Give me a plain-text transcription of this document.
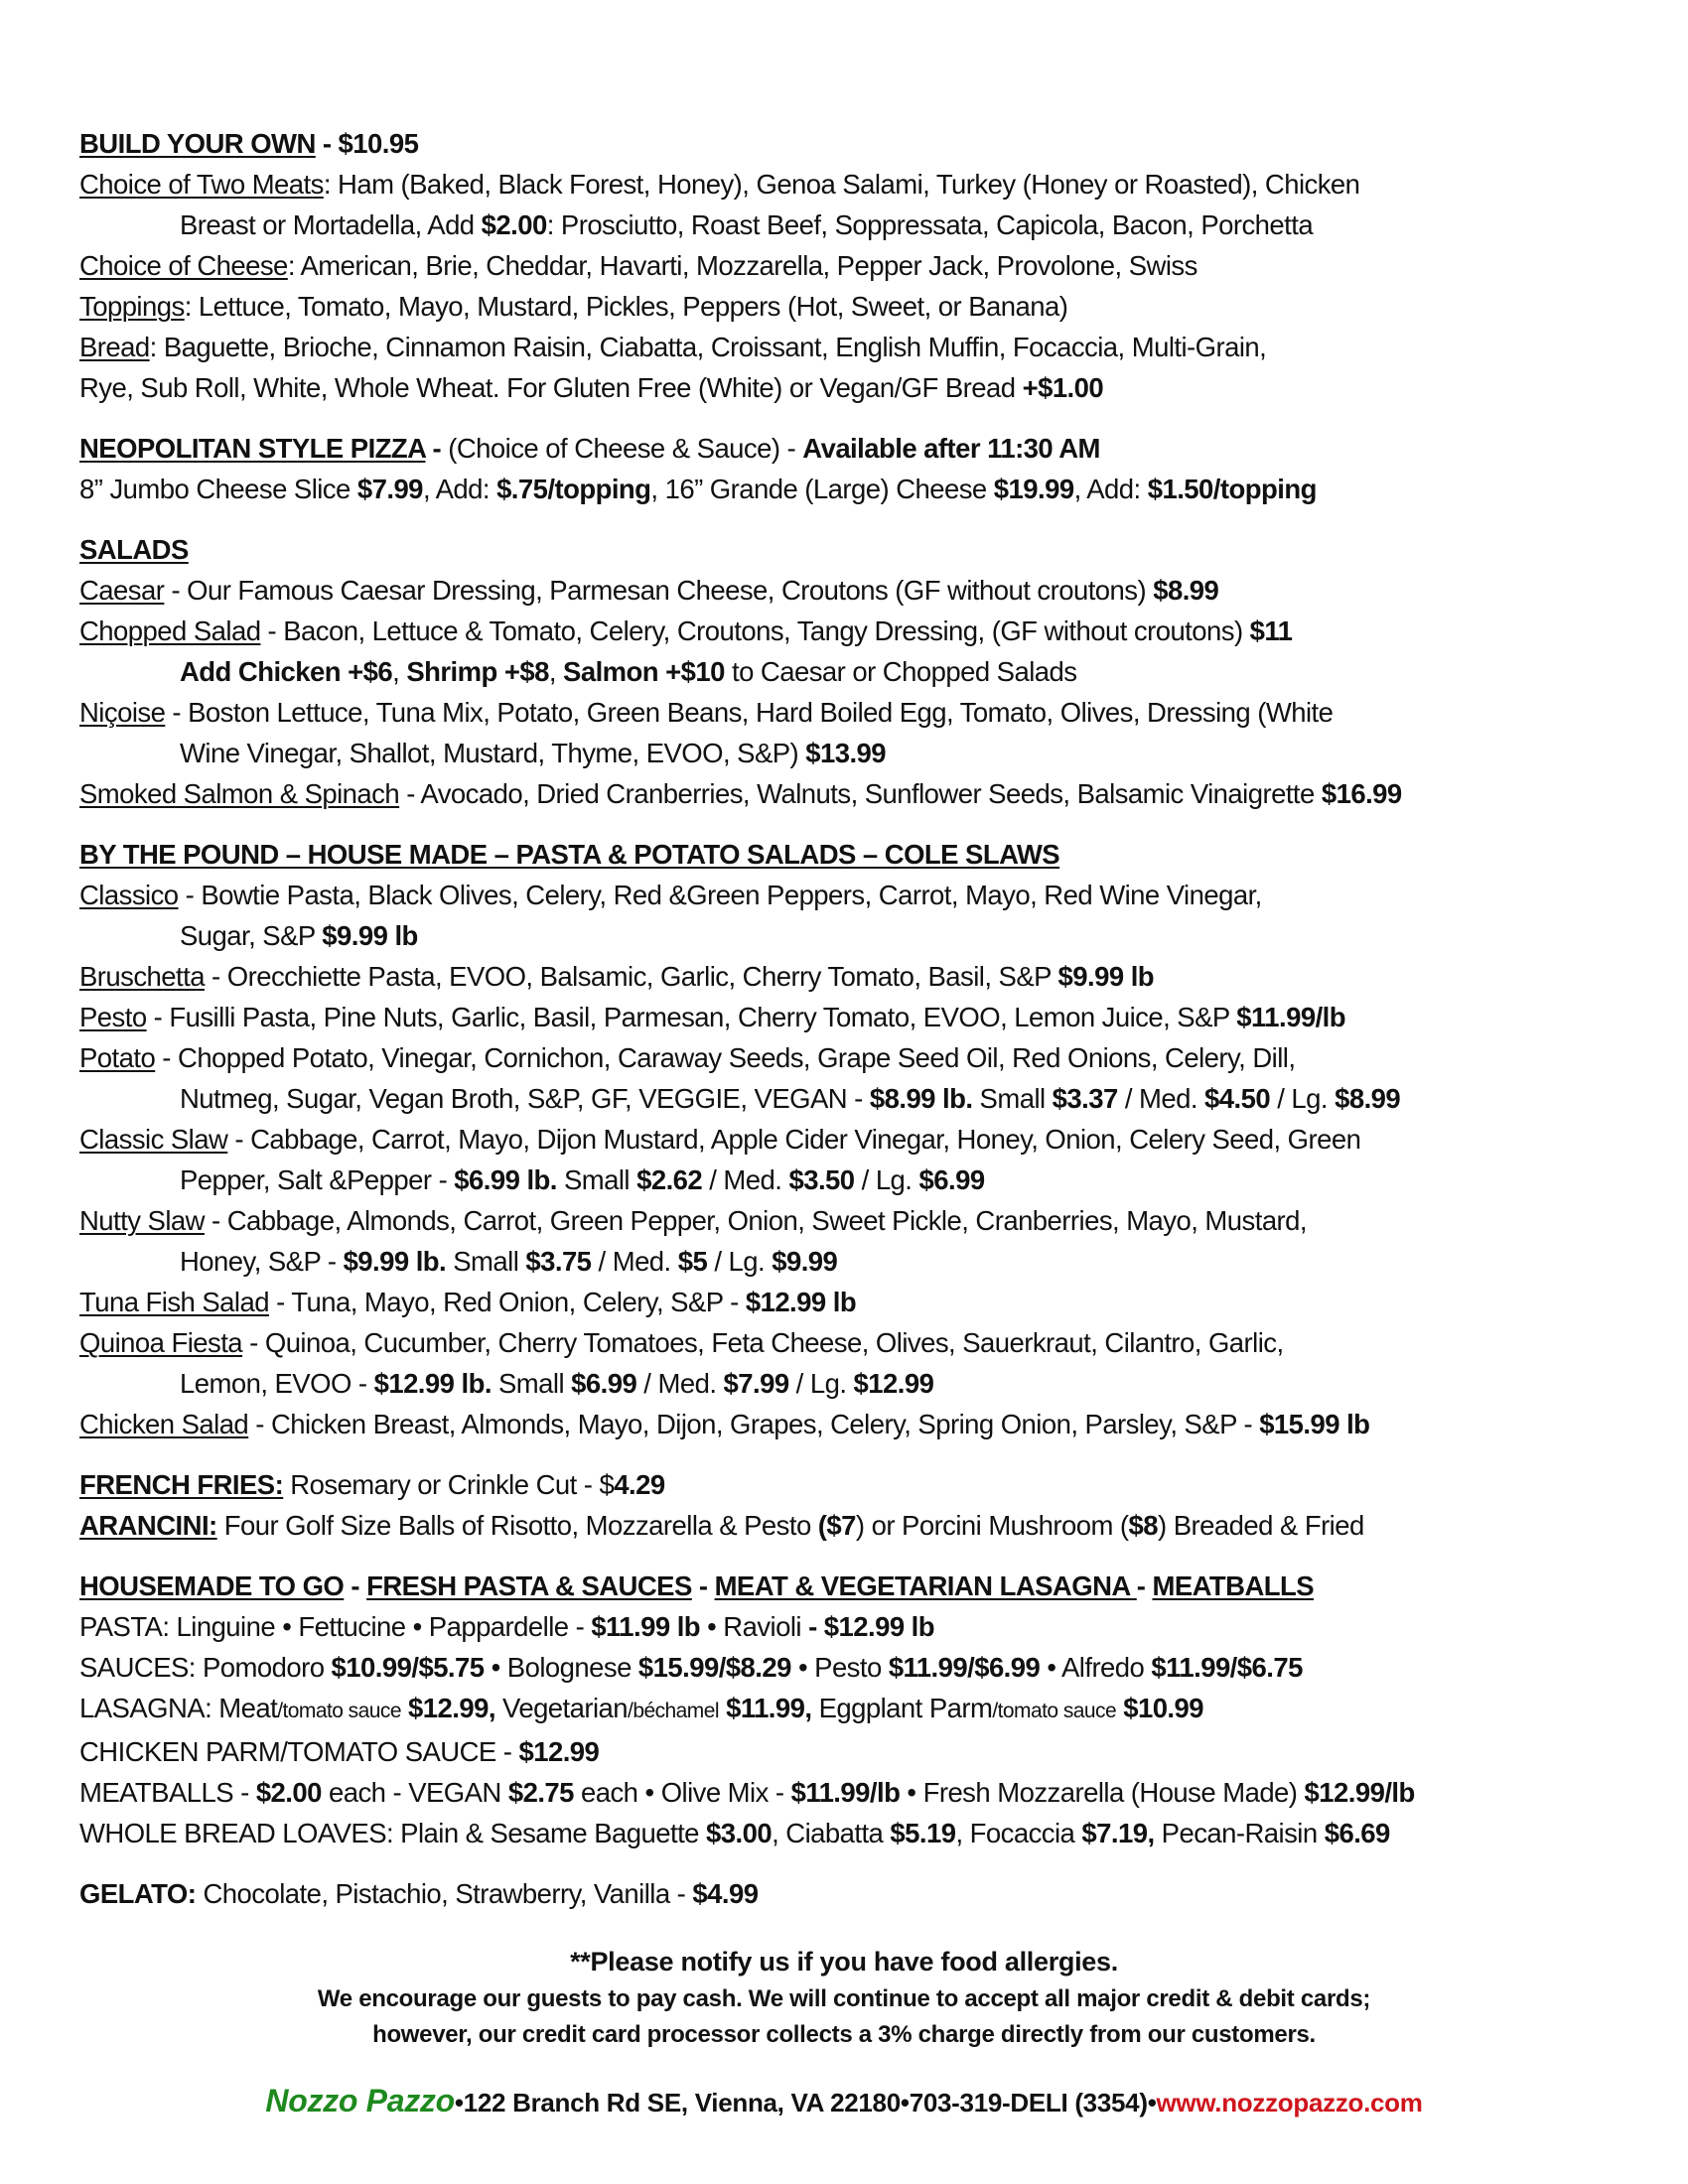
BUILD YOUR OWN - $10.95
Choice of Two Meats: Ham (Baked, Black Forest, Honey), Genoa Salami, Turkey (Honey or Roasted), Chicken
Breast or Mortadella, Add $2.00: Prosciutto, Roast Beef, Soppressata, Capicola, Bacon, Porchetta
Choice of Cheese: American, Brie, Cheddar, Havarti, Mozzarella, Pepper Jack, Provolone, Swiss
Toppings: Lettuce, Tomato, Mayo, Mustard, Pickles, Peppers (Hot, Sweet, or Banana)
Bread: Baguette, Brioche, Cinnamon Raisin, Ciabatta, Croissant, English Muffin, Focaccia, Multi-Grain,
Rye, Sub Roll, White, Whole Wheat. For Gluten Free (White) or Vegan/GF Bread +$1.00
NEOPOLITAN STYLE PIZZA - (Choice of Cheese & Sauce) - Available after 11:30 AM
8” Jumbo Cheese Slice $7.99, Add: $.75/topping, 16” Grande (Large) Cheese $19.99, Add: $1.50/topping
SALADS
Caesar - Our Famous Caesar Dressing, Parmesan Cheese, Croutons (GF without croutons) $8.99
Chopped Salad - Bacon, Lettuce & Tomato, Celery, Croutons, Tangy Dressing, (GF without croutons) $11
Add Chicken +$6, Shrimp +$8, Salmon +$10 to Caesar or Chopped Salads
Niçoise - Boston Lettuce, Tuna Mix, Potato, Green Beans, Hard Boiled Egg, Tomato, Olives, Dressing (White
Wine Vinegar, Shallot, Mustard, Thyme, EVOO, S&P) $13.99
Smoked Salmon & Spinach - Avocado, Dried Cranberries, Walnuts, Sunflower Seeds, Balsamic Vinaigrette $16.99
BY THE POUND – HOUSE MADE – PASTA & POTATO SALADS – COLE SLAWS
Classico - Bowtie Pasta, Black Olives, Celery, Red &Green Peppers, Carrot, Mayo, Red Wine Vinegar,
Sugar, S&P $9.99 lb
Bruschetta - Orecchiette Pasta, EVOO, Balsamic, Garlic, Cherry Tomato, Basil, S&P $9.99 lb
Pesto - Fusilli Pasta, Pine Nuts, Garlic, Basil, Parmesan, Cherry Tomato, EVOO, Lemon Juice, S&P $11.99/lb
Potato - Chopped Potato, Vinegar, Cornichon, Caraway Seeds, Grape Seed Oil, Red Onions, Celery, Dill,
Nutmeg, Sugar, Vegan Broth, S&P, GF, VEGGIE, VEGAN - $8.99 lb. Small $3.37 / Med. $4.50 / Lg. $8.99
Classic Slaw - Cabbage, Carrot, Mayo, Dijon Mustard, Apple Cider Vinegar, Honey, Onion, Celery Seed, Green
Pepper, Salt &Pepper - $6.99 lb. Small $2.62 / Med. $3.50 / Lg. $6.99
Nutty Slaw - Cabbage, Almonds, Carrot, Green Pepper, Onion, Sweet Pickle, Cranberries, Mayo, Mustard,
Honey, S&P - $9.99 lb. Small $3.75 / Med. $5 / Lg. $9.99
Tuna Fish Salad - Tuna, Mayo, Red Onion, Celery, S&P - $12.99 lb
Quinoa Fiesta - Quinoa, Cucumber, Cherry Tomatoes, Feta Cheese, Olives, Sauerkraut, Cilantro, Garlic,
Lemon, EVOO - $12.99 lb. Small $6.99 / Med. $7.99 / Lg. $12.99
Chicken Salad - Chicken Breast, Almonds, Mayo, Dijon, Grapes, Celery, Spring Onion, Parsley, S&P - $15.99 lb
FRENCH FRIES: Rosemary or Crinkle Cut - $4.29
ARANCINI: Four Golf Size Balls of Risotto, Mozzarella & Pesto ($7) or Porcini Mushroom ($8) Breaded & Fried
HOUSEMADE TO GO - FRESH PASTA & SAUCES - MEAT & VEGETARIAN LASAGNA - MEATBALLS
PASTA: Linguine • Fettucine • Pappardelle - $11.99 lb • Ravioli - $12.99 lb
SAUCES: Pomodoro $10.99/$5.75 • Bolognese $15.99/$8.29 • Pesto $11.99/$6.99 • Alfredo $11.99/$6.75
LASAGNA: Meat/tomato sauce $12.99, Vegetarian/béchamel $11.99, Eggplant Parm/tomato sauce $10.99
CHICKEN PARM/TOMATO SAUCE - $12.99
MEATBALLS - $2.00 each - VEGAN $2.75 each • Olive Mix - $11.99/lb • Fresh Mozzarella (House Made) $12.99/lb
WHOLE BREAD LOAVES: Plain & Sesame Baguette $3.00, Ciabatta $5.19, Focaccia $7.19, Pecan-Raisin $6.69
GELATO: Chocolate, Pistachio, Strawberry, Vanilla - $4.99
**Please notify us if you have food allergies.
We encourage our guests to pay cash. We will continue to accept all major credit & debit cards;
however, our credit card processor collects a 3% charge directly from our customers.
Nozzo Pazzo•122 Branch Rd SE, Vienna, VA 22180•703-319-DELI (3354)•www.nozzopazzo.com
